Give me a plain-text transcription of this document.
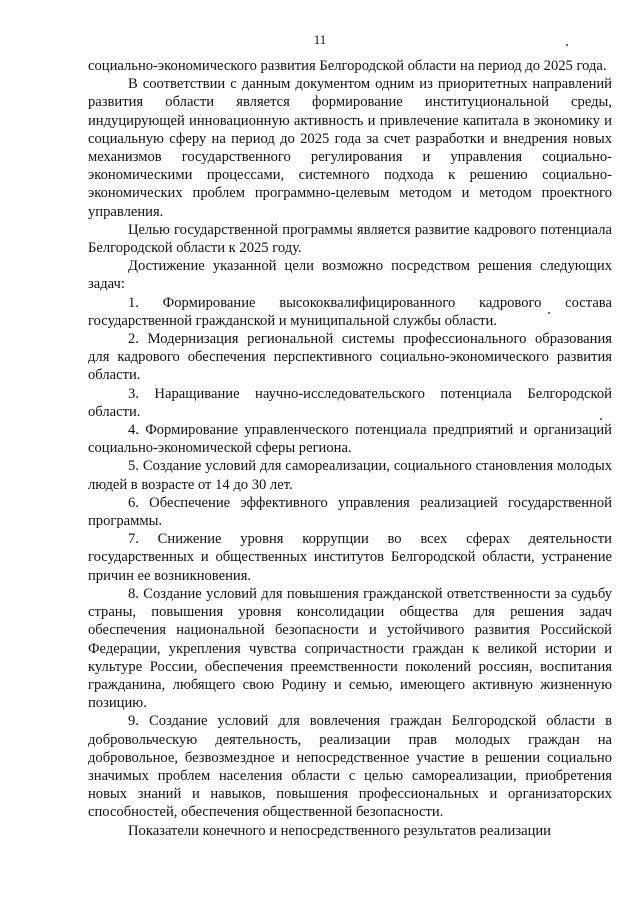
11

социально-экономического развития Белгородской области на период до 2025 года.

В соответствии с данным документом одним из приоритетных направлений развития области является формирование институциональной среды, индуцирующей инновационную активность и привлечение капитала в экономику и социальную сферу на период до 2025 года за счет разработки и внедрения новых механизмов государственного регулирования и управления социально-экономическими процессами, системного подхода к решению социально-экономических проблем программно-целевым методом и методом проектного управления.

Целью государственной программы является развитие кадрового потенциала Белгородской области к 2025 году.

Достижение указанной цели возможно посредством решения следующих задач:

1. Формирование высококвалифицированного кадрового состава государственной гражданской и муниципальной службы области.

2. Модернизация региональной системы профессионального образования для кадрового обеспечения перспективного социально-экономического развития области.

3. Наращивание научно-исследовательского потенциала Белгородской области.

4. Формирование управленческого потенциала предприятий и организаций социально-экономической сферы региона.

5. Создание условий для самореализации, социального становления молодых людей в возрасте от 14 до 30 лет.

6. Обеспечение эффективного управления реализацией государственной программы.

7. Снижение уровня коррупции во всех сферах деятельности государственных и общественных институтов Белгородской области, устранение причин ее возникновения.

8. Создание условий для повышения гражданской ответственности за судьбу страны, повышения уровня консолидации общества для решения задач обеспечения национальной безопасности и устойчивого развития Российской Федерации, укрепления чувства сопричастности граждан к великой истории и культуре России, обеспечения преемственности поколений россиян, воспитания гражданина, любящего свою Родину и семью, имеющего активную жизненную позицию.

9. Создание условий для вовлечения граждан Белгородской области в добровольческую деятельность, реализации прав молодых граждан на добровольное, безвозмездное и непосредственное участие в решении социально значимых проблем населения области с целью самореализации, приобретения новых знаний и навыков, повышения профессиональных и организаторских способностей, обеспечения общественной безопасности.

Показатели конечного и непосредственного результатов реализации
